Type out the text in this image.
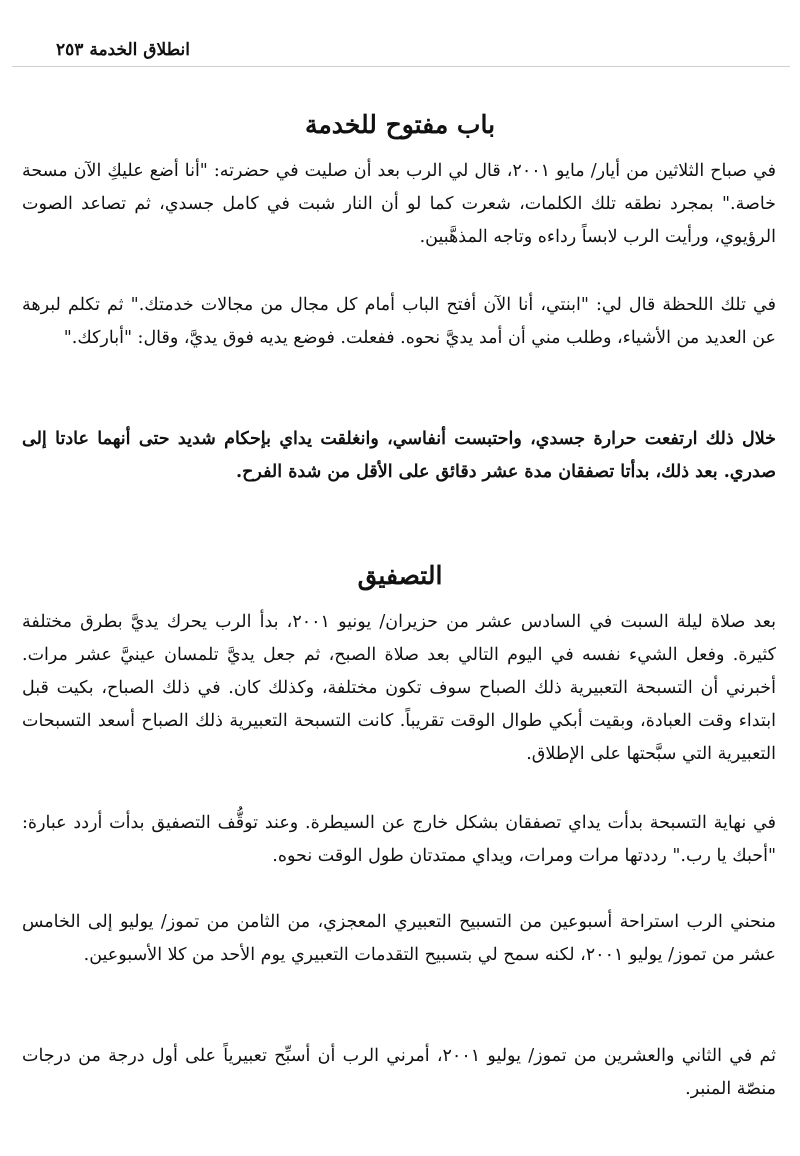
انطلاق الخدمة ٢٥٣
باب مفتوح للخدمة

في صباح الثلاثين من أيار/ مايو ٢٠٠١، قال لي الرب بعد أن صليت في حضرته: "أنا أضع عليكِ الآن مسحة خاصة." بمجرد نطقه تلك الكلمات، شعرت كما لو أن النار شبت في كامل جسدي، ثم تصاعد الصوت الرؤيوي، ورأيت الرب لابساً رداءه وتاجه المذهَّبين.

في تلك اللحظة قال لي: "ابنتي، أنا الآن أفتح الباب أمام كل مجال من مجالات خدمتك." ثم تكلم لبرهة عن العديد من الأشياء، وطلب مني أن أمد يديَّ نحوه. ففعلت. فوضع يديه فوق يديَّ، وقال: "أباركك."

خلال ذلك ارتفعت حرارة جسدي، واحتبست أنفاسي، وانغلقت يداي بإحكام شديد حتى أنهما عادتا إلى صدري. بعد ذلك، بدأتا تصفقان مدة عشر دقائق على الأقل من شدة الفرح.

التصفيق

بعد صلاة ليلة السبت في السادس عشر من حزيران/ يونيو ٢٠٠١، بدأ الرب يحرك يديَّ بطرق مختلفة كثيرة. وفعل الشيء نفسه في اليوم التالي بعد صلاة الصبح، ثم جعل يديَّ تلمسان عينيَّ عشر مرات. أخبرني أن التسبحة التعبيرية ذلك الصباح سوف تكون مختلفة، وكذلك كان. في ذلك الصباح، بكيت قبل ابتداء وقت العبادة، وبقيت أبكي طوال الوقت تقريباً. كانت التسبحة التعبيرية ذلك الصباح أسعد التسبحات التعبيرية التي سبَّحتها على الإطلاق.

في نهاية التسبحة بدأت يداي تصفقان بشكل خارج عن السيطرة. وعند توقُّف التصفيق بدأت أردد عبارة: "أحبك يا رب." رددتها مرات ومرات، ويداي ممتدتان طول الوقت نحوه.

منحني الرب استراحة أسبوعين من التسبيح التعبيري المعجزي، من الثامن من تموز/ يوليو إلى الخامس عشر من تموز/ يوليو ٢٠٠١، لكنه سمح لي بتسبيح التقدمات التعبيري يوم الأحد من كلا الأسبوعين.

ثم في الثاني والعشرين من تموز/ يوليو ٢٠٠١، أمرني الرب أن أسبِّح تعبيرياً على أول درجة من درجات منصّة المنبر.
